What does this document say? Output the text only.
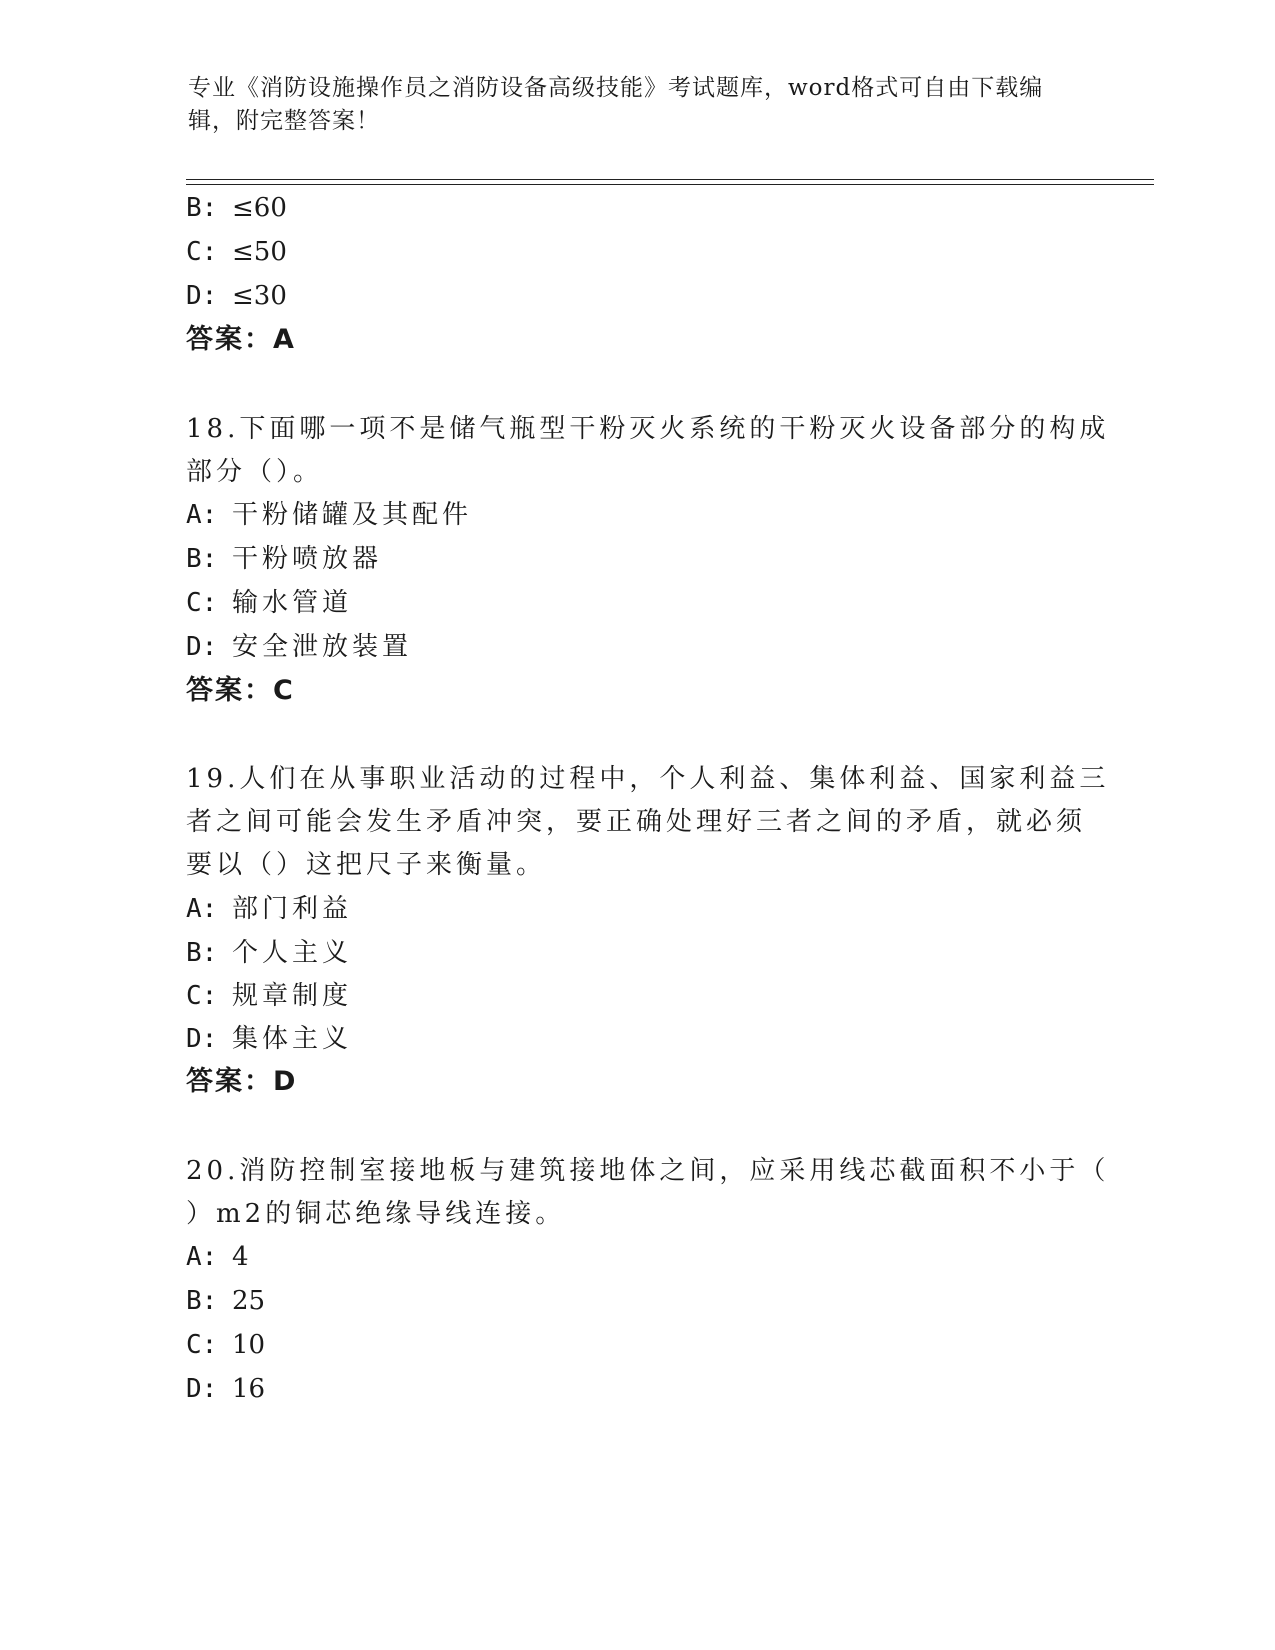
专业《消防设施操作员之消防设备高级技能》考试题库，word格式可自由下载编
辑，附完整答案！
B: ≤60
C: ≤50
D: ≤30
答案：A
18.下面哪一项不是储气瓶型干粉灭火系统的干粉灭火设备部分的构成
部分（）。
A: 干粉储罐及其配件
B: 干粉喷放器
C: 输水管道
D: 安全泄放装置
答案：C
19.人们在从事职业活动的过程中，个人利益、集体利益、国家利益三
者之间可能会发生矛盾冲突，要正确处理好三者之间的矛盾，就必须
要以（）这把尺子来衡量。
A: 部门利益
B: 个人主义
C: 规章制度
D: 集体主义
答案：D
20.消防控制室接地板与建筑接地体之间，应采用线芯截面积不小于（
）m2的铜芯绝缘导线连接。
A: 4
B: 25
C: 10
D: 16
